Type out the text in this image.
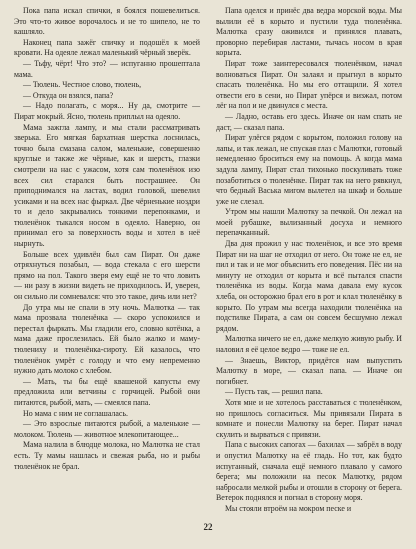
Пока папа искал спички, я боялся пошевелиться. Это что-то живое ворочалось и не то шипело, не то кашляло.

Наконец папа зажёг спичку и подошёл к моей кровати. На одеяле лежал маленький чёрный зверёк.

— Тьфу, чёрт! Что это? — испуганно прошептала мама.

— Тюлень. Честное слово, тюлень,

— Откуда он взялся, папа?

— Надо полагать, с моря... Ну да, смотрите — Пират мокрый. Ясно, тюлень приплыл на одеяло.

Мама зажгла лампу, и мы стали рассматривать зверька. Его мягкая бархатная шерстка лоснилась, точно была смазана салом, маленькие, совершенно круглые и также же чёрные, как и шерсть, глазки смотрели на нас с ужасом, хотя сам тюленёнок изо всех сил старался быть пострашнее. Он приподнимался на ластах, водил головой, шевелил усиками и на всех нас фыркал. Две чёрненькие ноздри то и дело закрывались тонкими перепонками, и тюленёнок тыкался носом в одеяло. Наверно, он принимал его за поверхность воды и хотел в неё нырнуть.

Больше всех удивлён был сам Пират. Он даже отряхнуться позабыл, — вода стекала с его шерсти прямо на пол. Такого зверя ему ещё не то что ловить — ни разу в жизни видеть не приходилось. И, уверен, он сильно ли сомневался: что это такое, дичь или нет?

До утра мы не спали в эту ночь. Малютка — так мама прозвала тюленёнка — скоро успокоился и перестал фыркать. Мы гладили его, словно котёнка, а мама даже прослезилась. Ей было жалко и маму-тюлениху и тюленёнка-сироту. Ей казалось, что тюленёнок умрёт с голоду и что ему непременно нужно дать молоко с хлебом.

— Мать, ты бы ещё квашеной капусты ему предложила или ветчины с горчицей. Рыбой они питаются, рыбой, мать, — смеялся папа.

Но мама с ним не соглашалась.

— Это взрослые питаются рыбой, а маленькие — молоком. Тюлень — животное млекопитающее...

Мама налила в блюдце молока, но Малютка не стал есть. Ту мамы нашлась и свежая рыба, но и рыбы тюленёнок не брал.

Папа оделся и принёс два ведра морской воды. Мы вылили её в корыто и пустили туда тюленёнка. Малютка сразу оживился и принялся плавать, проворно перебирая ластами, тычась носом в края корыта.

Пират тоже заинтересовался тюленёнком, начал волноваться Пират. Он залаял и прыгнул в корыто спасать тюленёнка. Но мы его оттащили. Я хотел отвести его в сени, но Пират упёрся и визжал, потом лёг на пол и не двинулся с места.

— Ладно, оставь его здесь. Иначе он нам спать не даст, — сказал папа.

Пират улёгся рядом с корытом, положил голову на лапы, и так лежал, не спуская глаз с Малютки, готовый немедленно броситься ему на помощь. А когда мама задула лампу, Пират стал тихонько поскуливать тоже позаботиться о тюленёнке. Пират так на него рявкнул, что бедный Васька мигом вылетел на шкаф и больше уже не слезал.

Утром мы нашли Малютку за печкой. Он лежал на моей рубашке, вылизанный досуха и немного перепачканный.

Два дня прожил у нас тюленёнок, и все это время Пират ни на шаг не отходил от него. Он тоже не ел, не пил и так и не мог объяснить его поведения. Пёс ни на минуту не отходил от корыта и всё пытался спасти тюленёнка из воды. Когда мама давала ему кусок хлеба, он осторожно брал его в рот и клал тюленёнку в корыто. По утрам мы всегда находили тюленёнка на подстилке Пирата, а сам он совсем бесшумно лежал рядом.

Малютка ничего не ел, даже мелкую живую рыбу. И наловил я её целое ведро — тоже не ел.

— Знаешь, Виктор, придётся нам выпустить Малютку в море, — сказал папа. — Иначе он погибнет.

— Пусть так, — решил папа.

Хотя мне и не хотелось расставаться с тюленёнком, но пришлось согласиться. Мы привязали Пирата в комнате и понесли Малютку на берег. Пират начал скулить и вырваться с привязи.

Папа с высоких сапогах — бахилах — забрёл в воду и опустил Малютку на её гладь. Но тот, как будто испуганный, сначала ещё немного плавало у самого берега; мы положили на песок Малютку, рядом набросали мелкой рыбы и отошли в сторону от берега. Ветерок поднялся и погнал в сторону моря.

Мы стояли втроём на мокром песке и

22
